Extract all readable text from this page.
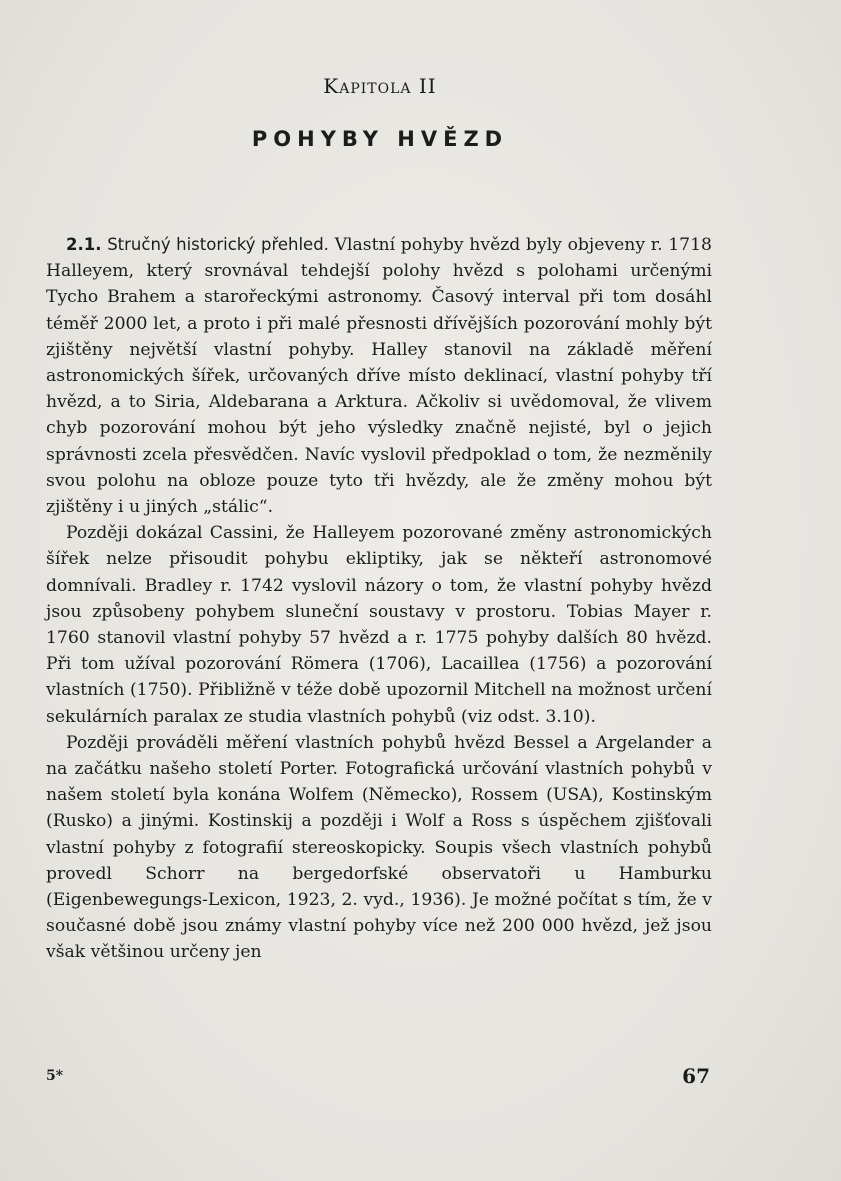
Kapitola II
POHYBY HVĚZD

2.1. Stručný historický přehled. Vlastní pohyby hvězd byly objeveny r. 1718 Halleyem, který srovnával tehdejší polohy hvězd s polohami určenými Tycho Brahem a starořeckými astronomy. Časový interval při tom dosáhl téměř 2000 let, a proto i při malé přesnosti dřívějších pozorování mohly být zjištěny největší vlastní pohyby. Halley stanovil na základě měření astronomických šířek, určovaných dříve místo deklinací, vlastní pohyby tří hvězd, a to Siria, Aldebarana a Arktura. Ačkoliv si uvědomoval, že vlivem chyb pozorování mohou být jeho výsledky značně nejisté, byl o jejich správnosti zcela přesvědčen. Navíc vyslovil předpoklad o tom, že nezměnily svou polohu na obloze pouze tyto tři hvězdy, ale že změny mohou být zjištěny i u jiných „stálic“.

Později dokázal Cassini, že Halleyem pozorované změny astronomických šířek nelze přisoudit pohybu ekliptiky, jak se někteří astronomové domnívali. Bradley r. 1742 vyslovil názory o tom, že vlastní pohyby hvězd jsou způsobeny pohybem sluneční soustavy v prostoru. Tobias Mayer r. 1760 stanovil vlastní pohyby 57 hvězd a r. 1775 pohyby dalších 80 hvězd. Při tom užíval pozorování Römera (1706), Lacaillea (1756) a pozorování vlastních (1750). Přibližně v téže době upozornil Mitchell na možnost určení sekulárních paralax ze studia vlastních pohybů (viz odst. 3.10).

Později prováděli měření vlastních pohybů hvězd Bessel a Argelander a na začátku našeho století Porter. Fotografická určování vlastních pohybů v našem století byla konána Wolfem (Německo), Rossem (USA), Kostinským (Rusko) a jinými. Kostinskij a později i Wolf a Ross s úspěchem zjišťovali vlastní pohyby z fotografií stereoskopicky. Soupis všech vlastních pohybů provedl Schorr na bergedorfské observatoři u Hamburku (Eigenbewegungs-Lexicon, 1923, 2. vyd., 1936). Je možné počítat s tím, že v současné době jsou známy vlastní pohyby více než 200 000 hvězd, jež jsou však většinou určeny jen

5*	67
